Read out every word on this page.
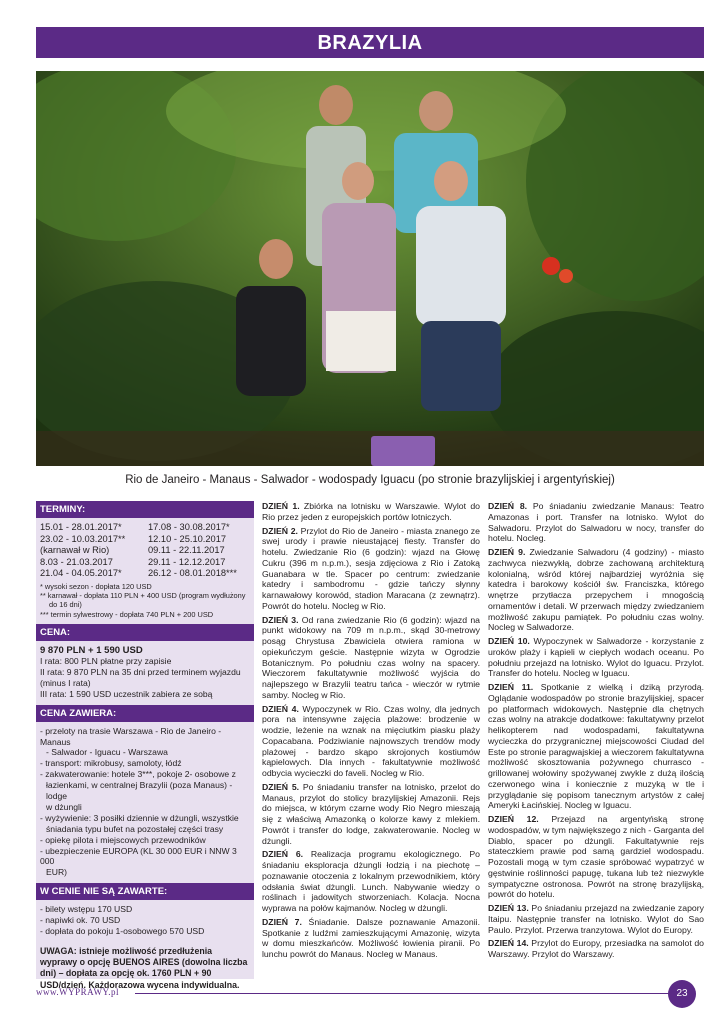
BRAZYLIA
Rio de Janeiro - Manaus - Salwador - wodospady Iguacu (po stronie brazylijskiej i argentyńskiej)
TERMINY:
15.01 - 28.01.2017*	17.08 - 30.08.2017*
23.02 - 10.03.2017**	12.10 - 25.10.2017
(karnawał w Rio)	09.11 - 22.11.2017
8.03 - 21.03.2017	29.11 - 12.12.2017
21.04 - 04.05.2017*	26.12 - 08.01.2018***
* wysoki sezon - dopłata 120 USD
** karnawał - dopłata 110 PLN + 400 USD (program wydłużony
do 16 dni)
*** termin sylwestrowy - dopłata 740 PLN + 200 USD
CENA:
9 870 PLN + 1 590 USD
I rata: 800 PLN płatne przy zapisie
II rata: 9 870 PLN na 35 dni przed terminem wyjazdu
(minus I rata)
III rata: 1 590 USD uczestnik zabiera ze sobą
CENA ZAWIERA:
- przeloty na trasie Warszawa - Rio de Janeiro - Manaus
- Salwador - Iguacu - Warszawa
- transport: mikrobusy, samoloty, łódź
- zakwaterowanie: hotele 3***, pokoje 2- osobowe z
łazienkami, w centralnej Brazylii (poza Manaus) - lodge
w dżungli
- wyżywienie: 3 posiłki dziennie w dżungli, wszystkie
śniadania typu bufet na pozostałej części trasy
- opiekę pilota i miejscowych przewodników
- ubezpieczenie EUROPA (KL 30 000 EUR i NNW 3 000
EUR)
W CENIE NIE SĄ ZAWARTE:
- bilety wstępu 170 USD
- napiwki ok. 70 USD
- dopłata do pokoju 1-osobowego 570 USD
UWAGA: istnieje możliwość przedłużenia wyprawy o opcję BUENOS AIRES (dowolna liczba dni) – dopłata za opcję ok. 1760 PLN + 90 USD/dzień. Każdorazowa wycena indywidualna.
DZIEŃ 1. Zbiórka na lotnisku w Warszawie. Wylot do Rio przez jeden z europejskich portów lotniczych.
DZIEŃ 2. Przylot do Rio de Janeiro - miasta znanego ze swej urody i prawie nieustającej fiesty. Transfer do hotelu. Zwiedzanie Rio (6 godzin): wjazd na Głowę Cukru (396 m n.p.m.), sesja zdjęciowa z Rio i Zatoką Guanabara w tle. Spacer po centrum: zwiedzanie katedry i sambodromu - gdzie tańczy słynny karnawałowy korowód, stadion Maracana (z zewnątrz). Powrót do hotelu. Nocleg w Rio.
DZIEŃ 3. Od rana zwiedzanie Rio (6 godzin): wjazd na punkt widokowy na 709 m n.p.m., skąd 30-metrowy posąg Chrystusa Zbawiciela otwiera ramiona w opiekuńczym geście. Następnie wizyta w Ogrodzie Botanicznym. Po południu czas wolny na spacery. Wieczorem fakultatywnie możliwość wyjścia do najlepszego w Brazylii teatru tańca - wieczór w rytmie samby. Nocleg w Rio.
DZIEŃ 4. Wypoczynek w Rio. Czas wolny, dla jednych pora na intensywne zajęcia plażowe: brodzenie w wodzie, leżenie na wznak na mięciutkim piasku plaży Copacabana. Podziwianie najnowszych trendów mody plażowej - bardzo skąpo skrojonych kostiumów kąpielowych. Dla innych - fakultatywnie możliwość odbycia wycieczki do faveli. Nocleg w Rio.
DZIEŃ 5. Po śniadaniu transfer na lotnisko, przelot do Manaus, przylot do stolicy brazylijskiej Amazonii. Rejs do miejsca, w którym czarne wody Rio Negro mieszają się z właściwą Amazonką o kolorze kawy z mlekiem. Powrót i transfer do lodge, zakwaterowanie. Nocleg w dżungli.
DZIEŃ 6. Realizacja programu ekologicznego. Po śniadaniu eksploracja dżungli łodzią i na piechotę – poznawanie otoczenia z lokalnym przewodnikiem, który odsłania świat dżungli. Lunch. Nabywanie wiedzy o roślinach i jadowitych stworzeniach. Kolacja. Nocna wyprawa na połów kajmanów. Nocleg w dżungli.
DZIEŃ 7. Śniadanie. Dalsze poznawanie Amazonii. Spotkanie z ludźmi zamieszkującymi Amazonię, wizyta w domu mieszkańców. Możliwość łowienia piranii. Po lunchu powrót do Manaus. Nocleg w Manaus.
DZIEŃ 8. Po śniadaniu zwiedzanie Manaus: Teatro Amazonas i port. Transfer na lotnisko. Wylot do Salwadoru. Przylot do Salwadoru w nocy, transfer do hotelu. Nocleg.
DZIEŃ 9. Zwiedzanie Salwadoru (4 godziny) - miasto zachwyca niezwykłą, dobrze zachowaną architekturą kolonialną, wśród której najbardziej wyróżnia się katedra i barokowy kościół św. Franciszka, którego wnętrze przytłacza przepychem i mnogością ornamentów i detali. W przerwach między zwiedzaniem możliwość zakupu pamiątek. Po południu czas wolny. Nocleg w Salwadorze.
DZIEŃ 10. Wypoczynek w Salwadorze - korzystanie z uroków plaży i kąpieli w ciepłych wodach oceanu. Po południu przejazd na lotnisko. Wylot do Iguacu. Przylot. Transfer do hotelu. Nocleg w Iguacu.
DZIEŃ 11. Spotkanie z wielką i dziką przyrodą. Oglądanie wodospadów po stronie brazylijskiej, spacer po platformach widokowych. Następnie dla chętnych czas wolny na atrakcje dodatkowe: fakultatywny przelot helikopterem nad wodospadami, fakultatywna wycieczka do przygranicznej miejscowości Ciudad del Este po stronie paragwajskiej a wieczorem fakultatywna możliwość skosztowania pożywnego churrasco - grillowanej wołowiny spożywanej zwykle z dużą ilością czerwonego wina i koniecznie z muzyką w tle i przyglądanie się popisom tanecznym artystów z całej Ameryki Łacińskiej. Nocleg w Iguacu.
DZIEŃ 12. Przejazd na argentyńską stronę wodospadów, w tym największego z nich - Garganta del Diablo, spacer po dżungli. Fakultatywnie rejs stateczkiem prawie pod samą gardziel wodospadu. Pozostali mogą w tym czasie spróbować wypatrzyć w gęstwinie roślinności papugę, tukana lub też niezwykle sympatyczne ostronosa. Powrót na stronę brazylijską, powrót do hotelu.
DZIEŃ 13. Po śniadaniu przejazd na zwiedzanie zapory Itaipu. Następnie transfer na lotnisko. Wylot do Sao Paulo. Przylot. Przerwa tranzytowa. Wylot do Europy.
DZIEŃ 14. Przylot do Europy, przesiadka na samolot do Warszawy. Przylot do Warszawy.
www.WYPRAWY.pl	23
